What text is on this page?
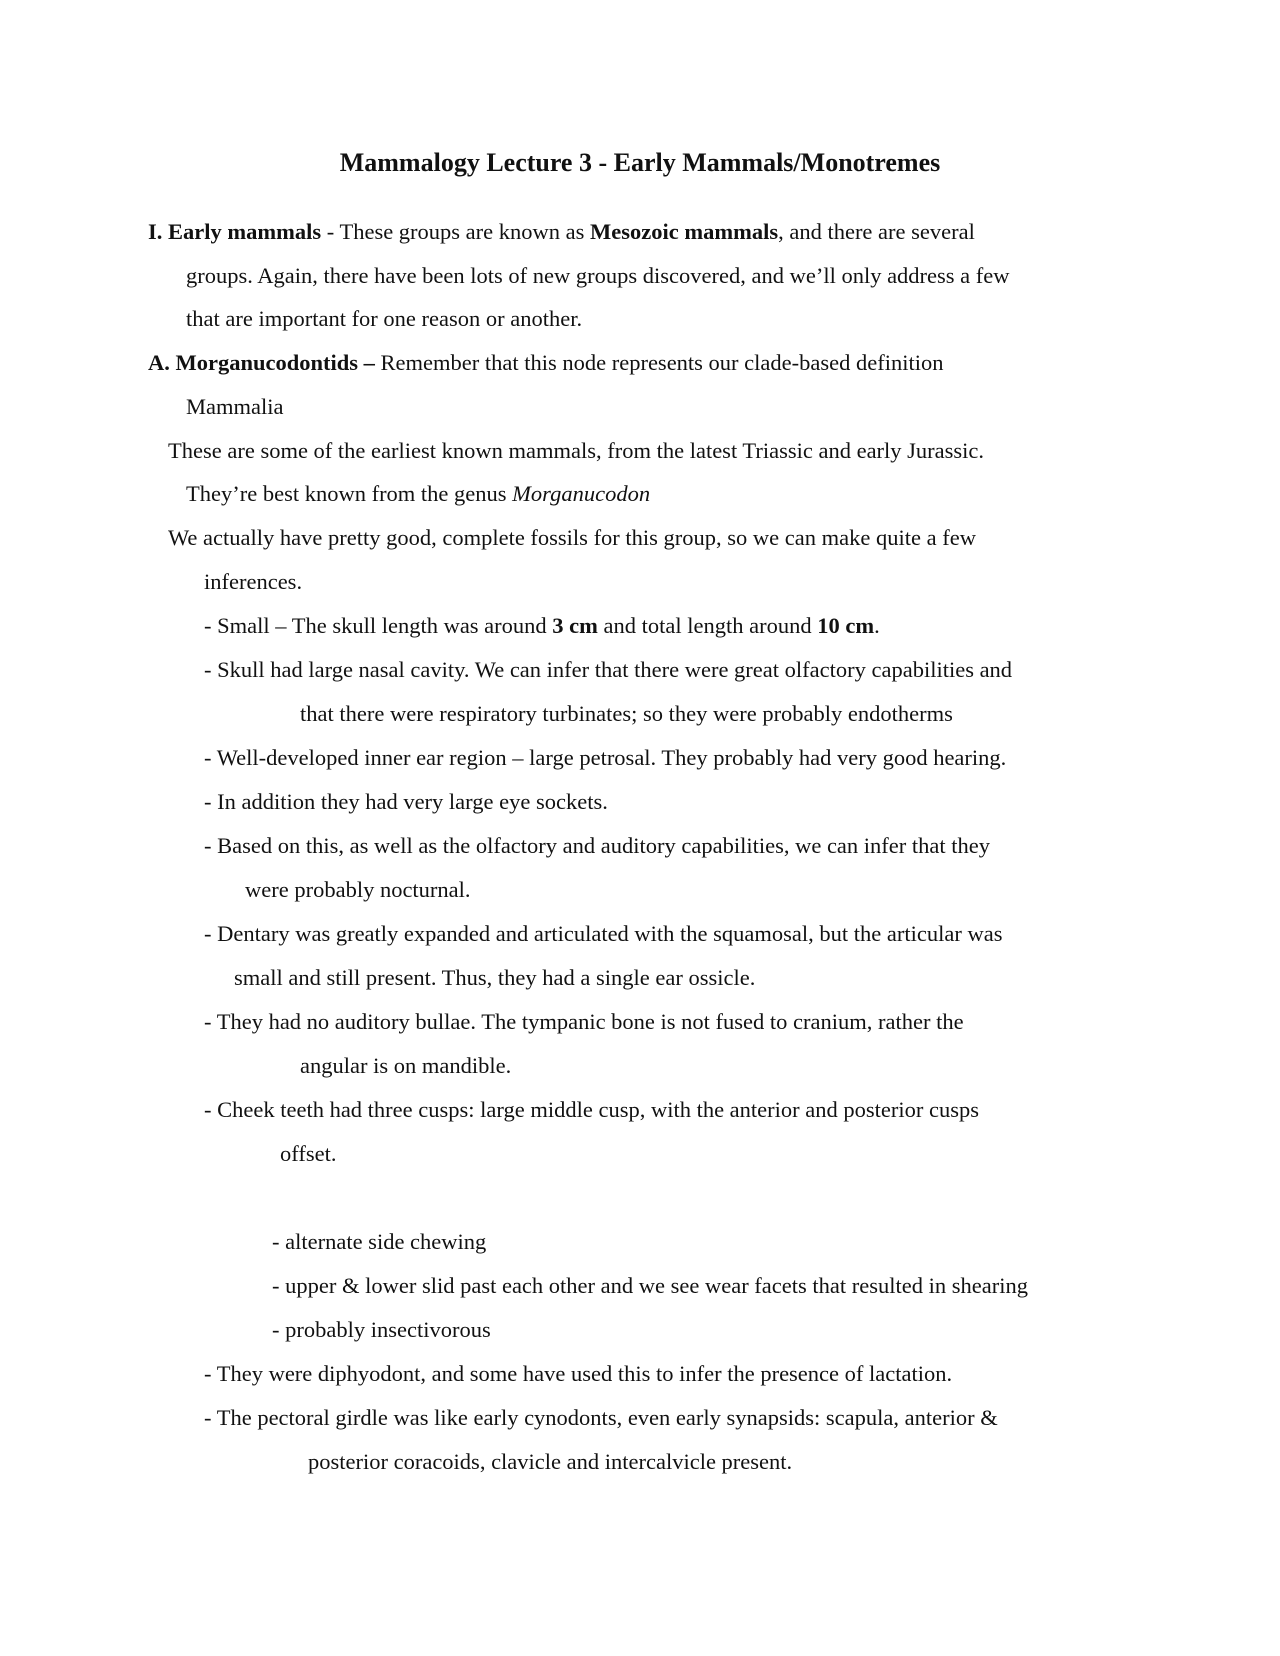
Mammalogy Lecture 3 - Early Mammals/Monotremes

I. Early mammals - These groups are known as Mesozoic mammals, and there are several

groups. Again, there have been lots of new groups discovered, and we’ll only address a few

that are important for one reason or another.

A. Morganucodontids – Remember that this node represents our clade-based definition

Mammalia

These are some of the earliest known mammals, from the latest Triassic and early Jurassic.

They’re best known from the genus Morganucodon

We actually have pretty good, complete fossils for this group, so we can make quite a few

inferences.

- Small – The skull length was around 3 cm and total length around 10 cm.

- Skull had large nasal cavity. We can infer that there were great olfactory capabilities and

that there were respiratory turbinates; so they were probably endotherms

- Well-developed inner ear region – large petrosal. They probably had very good hearing.

- In addition they had very large eye sockets.

- Based on this, as well as the olfactory and auditory capabilities, we can infer that they

were probably nocturnal.

- Dentary was greatly expanded and articulated with the squamosal, but the articular was

small and still present. Thus, they had a single ear ossicle.

- They had no auditory bullae. The tympanic bone is not fused to cranium, rather the

angular is on mandible.

- Cheek teeth had three cusps: large middle cusp, with the anterior and posterior cusps

offset.

- alternate side chewing

- upper & lower slid past each other and we see wear facets that resulted in shearing

- probably insectivorous

- They were diphyodont, and some have used this to infer the presence of lactation.

- The pectoral girdle was like early cynodonts, even early synapsids: scapula, anterior &

posterior coracoids, clavicle and intercalvicle present.
